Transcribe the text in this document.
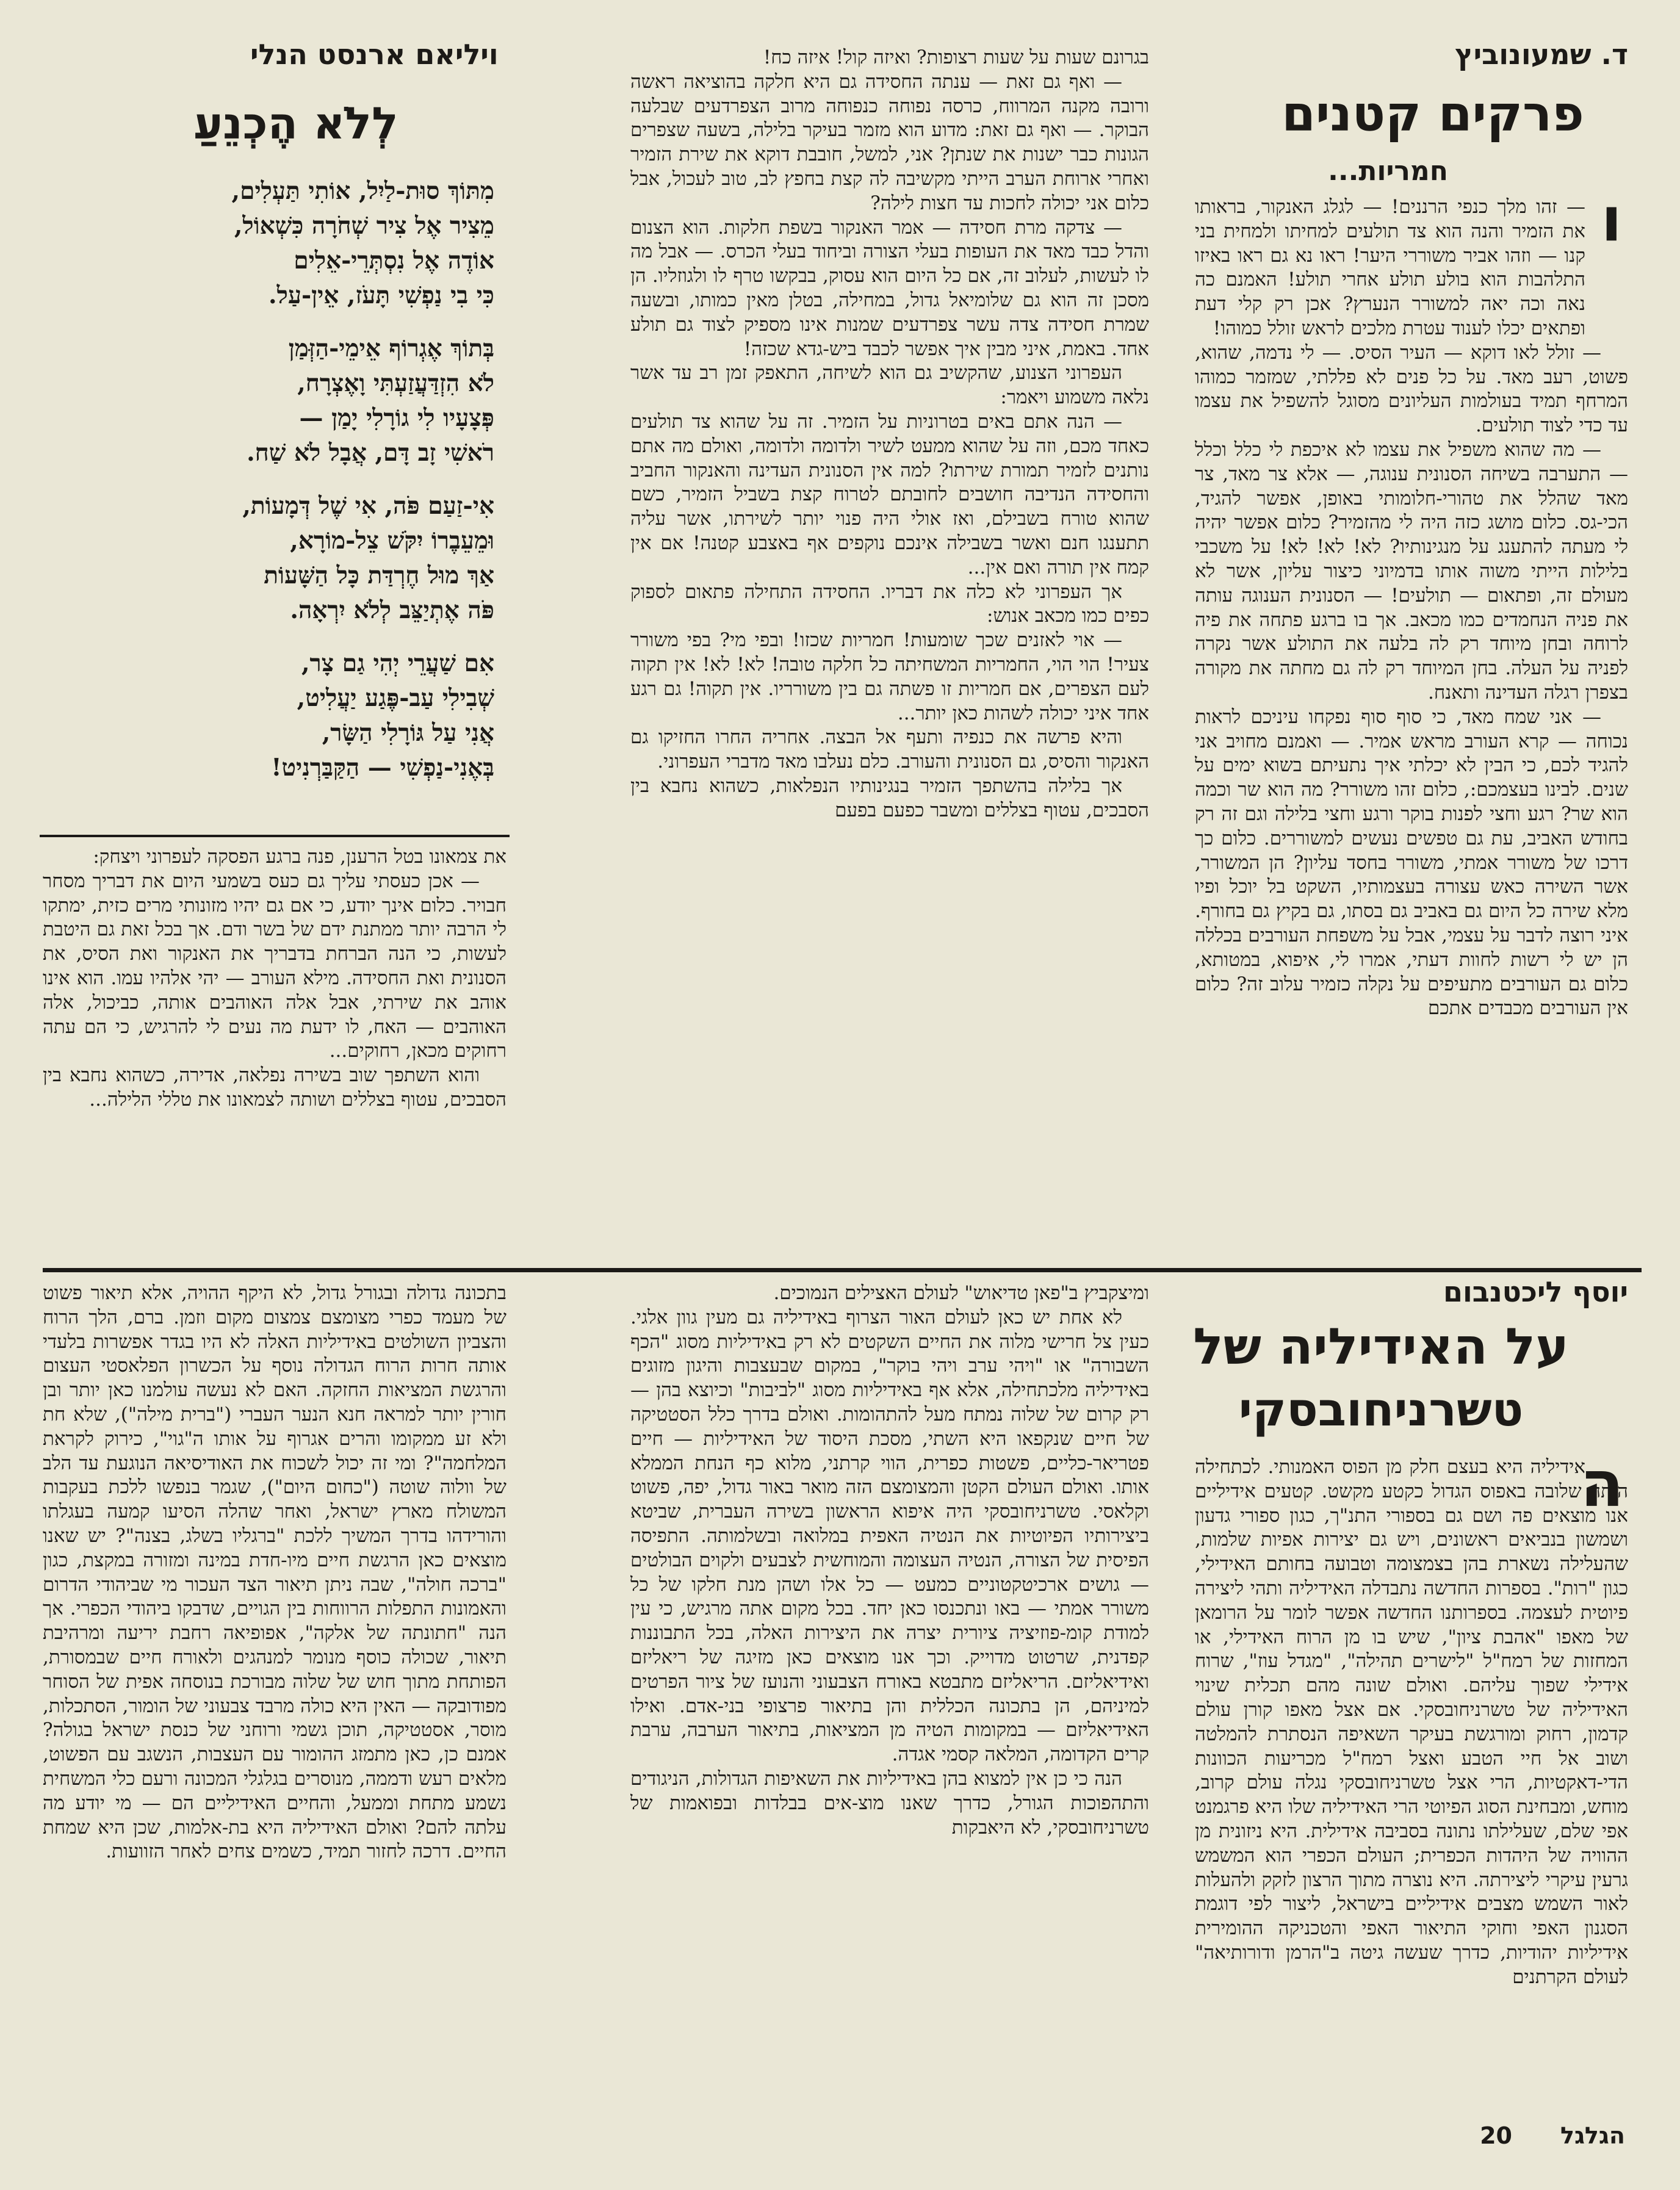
ד. שמעונוביץ
פרקים קטנים
חמריות...
ו

— זהו מלך כנפי הרננים! — לגלג האנקור, בראותו את הזמיר והנה הוא צד תולעים למחיתו ולמחית בני קנו — וזהו אביר משוררי היער! ראו נא גם ראו באיזו התלהבות הוא בולע תולע אחרי תולע! האמנם כה נאה וכה יאה למשורר הנערץ? אכן רק קלי דעת ופתאים יכלו לענוד עטרת מלכים לראש זולל כמוהו!

— זולל לאו דוקא — העיר הסיס. — לי נדמה, שהוא, פשוט, רעב מאד. על כל פנים לא פללתי, שמזמר כמוהו המרחף תמיד בעולמות העליונים מסוגל להשפיל את עצמו עד כדי לצוד תולעים.

— מה שהוא משפיל את עצמו לא איכפת לי כלל וכלל — התערבה בשיחה הסנונית ענוגה, — אלא צר מאד, צר מאד שהלל את טהורי-חלומותי באופן, אפשר להגיד, הכי-גס. כלום מושג כזה היה לי מהזמיר? כלום אפשר יהיה לי מעתה להתענג על מנגינותיו? לא! לא! לא! על משכבי בלילות הייתי משוה אותו בדמיוני כיצור עליון, אשר לא מעולם זה, ופתאום — תולעים! — הסנונית הענוגה עותה את פניה הנחמדים כמו מכאב. אך בו ברגע פתחה את פיה לרוחה ובחן מיוחד רק לה בלעה את התולע אשר נקרה לפניה על העלה. בחן המיוחד רק לה גם מחתה את מקורה בצפרן רגלה העדינה ותאנח.

— אני שמח מאד, כי סוף סוף נפקחו עיניכם לראות נכוחה — קרא העורב מראש אמיר. — ואמנם מחויב אני להגיד לכם, כי הבין לא יכלתי איך נתעיתם בשוא ימים על שנים. לבינו בעצמכם:, כלום זהו משורר? מה הוא שר וכמה הוא שר? רגע וחצי לפנות בוקר ורגע וחצי בלילה וגם זה רק בחודש האביב, עת גם טפשים נעשים למשוררים. כלום כך דרכו של משורר אמתי, משורר בחסד עליון? הן המשורר, אשר השירה כאש עצורה בעצמותיו, השקט בל יוכל ופיו מלא שירה כל היום גם באביב גם בסתו, גם בקיץ גם בחורף. איני רוצה לדבר על עצמי, אבל על משפחת העורבים בכללה הן יש לי רשות לחוות דעתי, אמרו לי, איפוא, במטותא, כלום גם העורבים מתעיפים על נקלה כזמיר עלוב זה? כלום אין העורבים מכבדים אתכם

בגרונם שעות על שעות רצופות? ואיזה קול! איזה כח!

— ואף גם זאת — ענתה החסידה גם היא חלקה בהוציאה ראשה ורובה מקנה המרווח, כרסה נפוחה כנפוחה מרוב הצפרדעים שבלעה הבוקר. — ואף גם זאת: מדוע הוא מזמר בעיקר בלילה, בשעה שצפרים הגונות כבר ישנות את שנתן? אני, למשל, חובבת דוקא את שירת הזמיר ואחרי ארוחת הערב הייתי מקשיבה לה קצת בחפץ לב, טוב לעכול, אבל כלום אני יכולה לחכות עד חצות לילה?

— צדקה מרת חסידה — אמר האנקור בשפת חלקות. הוא הצנום והדל כבד מאד את העופות בעלי הצורה וביחוד בעלי הכרס. — אבל מה לו לעשות, לעלוב זה, אם כל היום הוא עסוק, בבקשו טרף לו ולגוזליו. הן מסכן זה הוא גם שלומיאל גדול, במחילה, בטלן מאין כמותו, ובשעה שמרת חסידה צדה עשר צפרדעים שמנות אינו מספיק לצוד גם תולע אחד. באמת, איני מבין איך אפשר לכבד ביש-גדא שכזה!

העפרוני הצנוע, שהקשיב גם הוא לשיחה, התאפק זמן רב עד אשר נלאה משמוע ויאמר:

— הנה אתם באים בטרוניות על הזמיר. זה על שהוא צד תולעים כאחד מכם, וזה על שהוא ממעט לשיר ולדומה ולדומה, ואולם מה אתם נותנים לזמיר תמורת שירתו? למה אין הסנונית העדינה והאנקור החביב והחסידה הנדיבה חושבים לחובתם לטרוח קצת בשביל הזמיר, כשם שהוא טורח בשבילם, ואז אולי היה פנוי יותר לשירתו, אשר עליה תתענגו חנם ואשר בשבילה אינכם נוקפים אף באצבע קטנה! אם אין קמח אין תורה ואם אין...

אך העפרוני לא כלה את דבריו. החסידה התחילה פתאום לספוק כפים כמו מכאב אנוש:

— אוי לאזנים שכך שומעות! חמריות שכזו! ובפי מי? בפי משורר צעיר! הוי הוי, החמריות המשחיתה כל חלקה טובה! לא! לא! אין תקוה לעם הצפרים, אם חמריות זו פשתה גם בין משורריו. אין תקוה! גם רגע אחד איני יכולה לשהות כאן יותר...

והיא פרשה את כנפיה ותעף אל הבצה. אחריה החרו החזיקו גם האנקור והסיס, גם הסנונית והעורב. כלם נעלבו מאד מדברי העפרוני.

אך בלילה בהשתפך הזמיר בנגינותיו הנפלאות, כשהוא נחבא בין הסבכים, עטוף בצללים ומשבר כפעם בפעם

ויליאם ארנסט הנלי
לְלֹא הֶכְנֵעַ
מִתּוֹךְ סוּת-לַיִל, אוֹתִי תַּעְלִים,
מֵצִיר אֶל צִיר שְׁחֹרָה כִּשְׁאוֹל,
אוֹדֶה אֶל נִסְתְּרֵי-אֵלִים
כִּי בִי נַפְשִׁי תָּעֹז, אֵין-עַל.
בְּתוֹךְ אֶגְרוֹף אֵימֵי-הַזְּמַן
לֹא הִזְדַּעֲזַעְתִּי וָאֶצְרָח,
פְּצָעָיו לִי גוֹרָלִי יָמַן —
רֹאשִׁי זָב דָּם, אֲבָל לֹא שַׁח.
אִי-זַעַם פֹּה, אִי שֶׁל דְּמָעוֹת,
וּמֵעֵבֶרוֹ יִקֹּשׁ צֵל-מוֹרָא,
אַךְ מוּל חֶרְדַּת כָּל הַשָּׁעוֹת
פֹּה אֶתְיַצֵּב לְלֹא יִרְאָה.
אִם שַׁעֲרֵי יְהִי גַם צָר,
שְׁבִילִי עַב-פֶּגַע יַעֲלִיט,
אֲנִי עַל גּוֹרָלִי הַשָּׂר,
בְּאֶנִי-נַפְשִׁי — הַקַּבַּרְנִיט!

את צמאונו בטל הרענן, פנה ברגע הפסקה לעפרוני ויצחק:

— אכן כעסתי עליך גם כעס בשמעי היום את דבריך מסחר חבויר. כלום אינך יודע, כי אם גם יהיו מזונותי מרים כזית, ימתקו לי הרבה יותר ממתנת ידם של בשר ודם. אך בכל זאת גם היטבת לעשות, כי הנה הברחת בדבריך את האנקור ואת הסיס, את הסנונית ואת החסידה. מילא העורב — יהי אלהיו עמו. הוא אינו אוהב את שירתי, אבל אלה האוהבים אותה, כביכול, אלה האוהבים — האח, לו ידעת מה נעים לי להרגיש, כי הם עתה רחוקים מכאן, רחוקים...

והוא השתפך שוב בשירה נפלאה, אדירה, כשהוא נחבא בין הסבכים, עטוף בצללים ושותה לצמאונו את טללי הלילה...

יוסף ליכטנבום
על האידיליה של
טשרניחובסקי
ה

אידיליה היא בעצם חלק מן הפוס האמנותי. לכתחילה היתה שלובה באפוס הגדול כקטע מקשט. קטעים אידיליים אנו מוצאים פה ושם גם בספורי התנ"ך, כגון ספורי גדעון ושמשון בנביאים ראשונים, ויש גם יצירות אפיות שלמות, שהעלילה נשארת בהן בצמצומה וטבועה בחותם האידילי, כגון "רות". בספרות החדשה נתבדלה האידיליה ותהי ליצירה פיוטית לעצמה. בספרותנו החדשה אפשר לומר על הרומאן של מאפו "אהבת ציון", שיש בו מן הרוח האידילי, או המחזות של רמח"ל "לישרים תהילה", "מגדל עוז", שרוח אידילי שפוך עליהם. ואולם שונה מהם תכלית שינוי האידיליה של טשרניחובסקי. אם אצל מאפו קורן עולם קדמון, רחוק ומורגשת בעיקר השאיפה הנסתרת להמלטה ושוב אל חיי הטבע ואצל רמח"ל מכריעות הכוונות הדי-דאקטיות, הרי אצל טשרניחובסקי נגלה עולם קרוב, מוחש, ומבחינת הסוג הפיוטי הרי האידיליה שלו היא פרגמנט אפי שלם, שעלילתו נתונה בסביבה אידילית. היא ניזונית מן ההוויה של היהדות הכפרית; העולם הכפרי הוא המשמש גרעין עיקרי ליצירתה. היא נוצרה מתוך הרצון לזקק ולהעלות לאור השמש מצבים אידיליים בישראל, ליצור לפי דוגמת הסגנון האפי וחוקי התיאור האפי והטכניקה ההומירית אידיליות יהודיות, כדרך שעשה גיטה ב"הרמן ודורותיאה" לעולם הקרתנים

ומיצקביץ ב"פאן טדיאוש" לעולם האצילים הנמוכים.

לא אחת יש כאן לעולם האור הצרוף באידיליה גם מעין גוון אלגי. כעין צל חרישי מלוה את החיים השקטים לא רק באידיליות מסוג "הכף השבורה" או "ויהי ערב ויהי בוקר", במקום שבעצבות והיגון מזוגים באידיליה מלכתחילה, אלא אף באידיליות מסוג "לביבות" וכיוצא בהן — רק קרום של שלוה נמתח מעל להתהומות. ואולם בדרך כלל הסטטיקה של חיים שנקפאו היא השתי, מסכת היסוד של האידיליות — חיים פטריאר-כליים, פשטות כפרית, הווי קרתני, מלוא כף הנחת הממלא אותו. ואולם העולם הקטן והמצומצם הזה מואר באור גדול, יפה, פשוט וקלאסי. טשרניחובסקי היה איפוא הראשון בשירה העברית, שביטא ביצירותיו הפיוטיות את הנטיה האפית במלואה ובשלמותה. התפיסה הפיסית של הצורה, הנטיה העצומה והמוחשית לצבעים ולקוים הבולטים — גושים ארכיטקטוניים כמעט — כל אלו ושהן מנת חלקו של כל משורר אמתי — באו ונתכנסו כאן יחד. בכל מקום אתה מרגיש, כי עין למודת קומ-פוזיציה ציורית יצרה את היצירות האלה, בכל התבוננות קפדנית, שרטוט מדוייק. וכך אנו מוצאים כאן מזיגה של ריאליזם ואידיאליזם. הריאליזם מתבטא באורח הצבעוני והנועז של ציור הפרטים למיניהם, הן בתכונה הכללית והן בתיאור פרצופי בני-אדם. ואילו האידיאליזם — במקומות הטיה מן המציאות, בתיאור הערבה, ערבת קרים הקדומה, המלאה קסמי אגדה.

הנה כי כן אין למצוא בהן באידיליות את השאיפות הגדולות, הניגודים והתהפוכות הגורל, כדרך שאנו מוצ-אים בבלדות ובפואמות של טשרניחובסקי, לא היאבקות

בתכונה גדולה ובגורל גדול, לא היקף ההויה, אלא תיאור פשוט של מעמד כפרי מצומצם צמצום מקום וזמן. ברם, הלך הרוח והצביון השולטים באידיליות האלה לא היו בגדר אפשרות בלעדי אותה חרות הרוח הגדולה נוסף על הכשרון הפלאסטי העצום והרגשת המציאות החזקה. האם לא נעשה עולמנו כאן יותר ובן חורין יותר למראה חנא הנער העברי ("ברית מילה"), שלא חת ולא זע ממקומו והרים אגרוף על אותו ה"גוי", כירוק לקראת המלחמה"? ומי זה יכול לשכוח את האודיסיאה הנוגעת עד הלב של וולוה שוטה ("כחום היום"), שגמר בנפשו ללכת בעקבות המשולח מארץ ישראל, ואחר שהלה הסיעו קמעה בעגלתו והורידהו בדרך המשיך ללכת "ברגליו בשלג, בצנה"? יש שאנו מוצאים כאן הרגשת חיים מיו-חדת במינה ומזורה במקצת, כגון "ברכה חולה", שבה ניתן תיאור הצד העכור מי שביהודי הדרום והאמונות התפלות הרווחות בין הגויים, שדבקו ביהודי הכפרי. אך הנה "חתונתה של אלקה", אפופיאה רחבת יריעה ומרהיבת תיאור, שכולה כוסף מנומר למנהגים ולאורח חיים שבמסורת, הפותחת מתוך חוש של שלוה מבורכת בנוסחה אפית של הסוחר מפודובקה — האין היא כולה מרבד צבעוני של הומור, הסתכלות, מוסר, אסטטיקה, תוכן גשמי ורוחני של כנסת ישראל בגולה? אמנם כן, כאן מתמזג ההומור עם העצבות, הנשגב עם הפשוט, מלאים רעש ודממה, מנוסרים בגלגלי המכונה ורעם כלי המשחית נשמע מתחת וממעל, והחיים האידיליים הם — מי יודע מה עלתה להם? ואולם האידיליה היא בת-אלמות, שכן היא שמחת החיים. דרכה לחזור תמיד, כשמים צחים לאחר הזוועות.

הגלגל
20
